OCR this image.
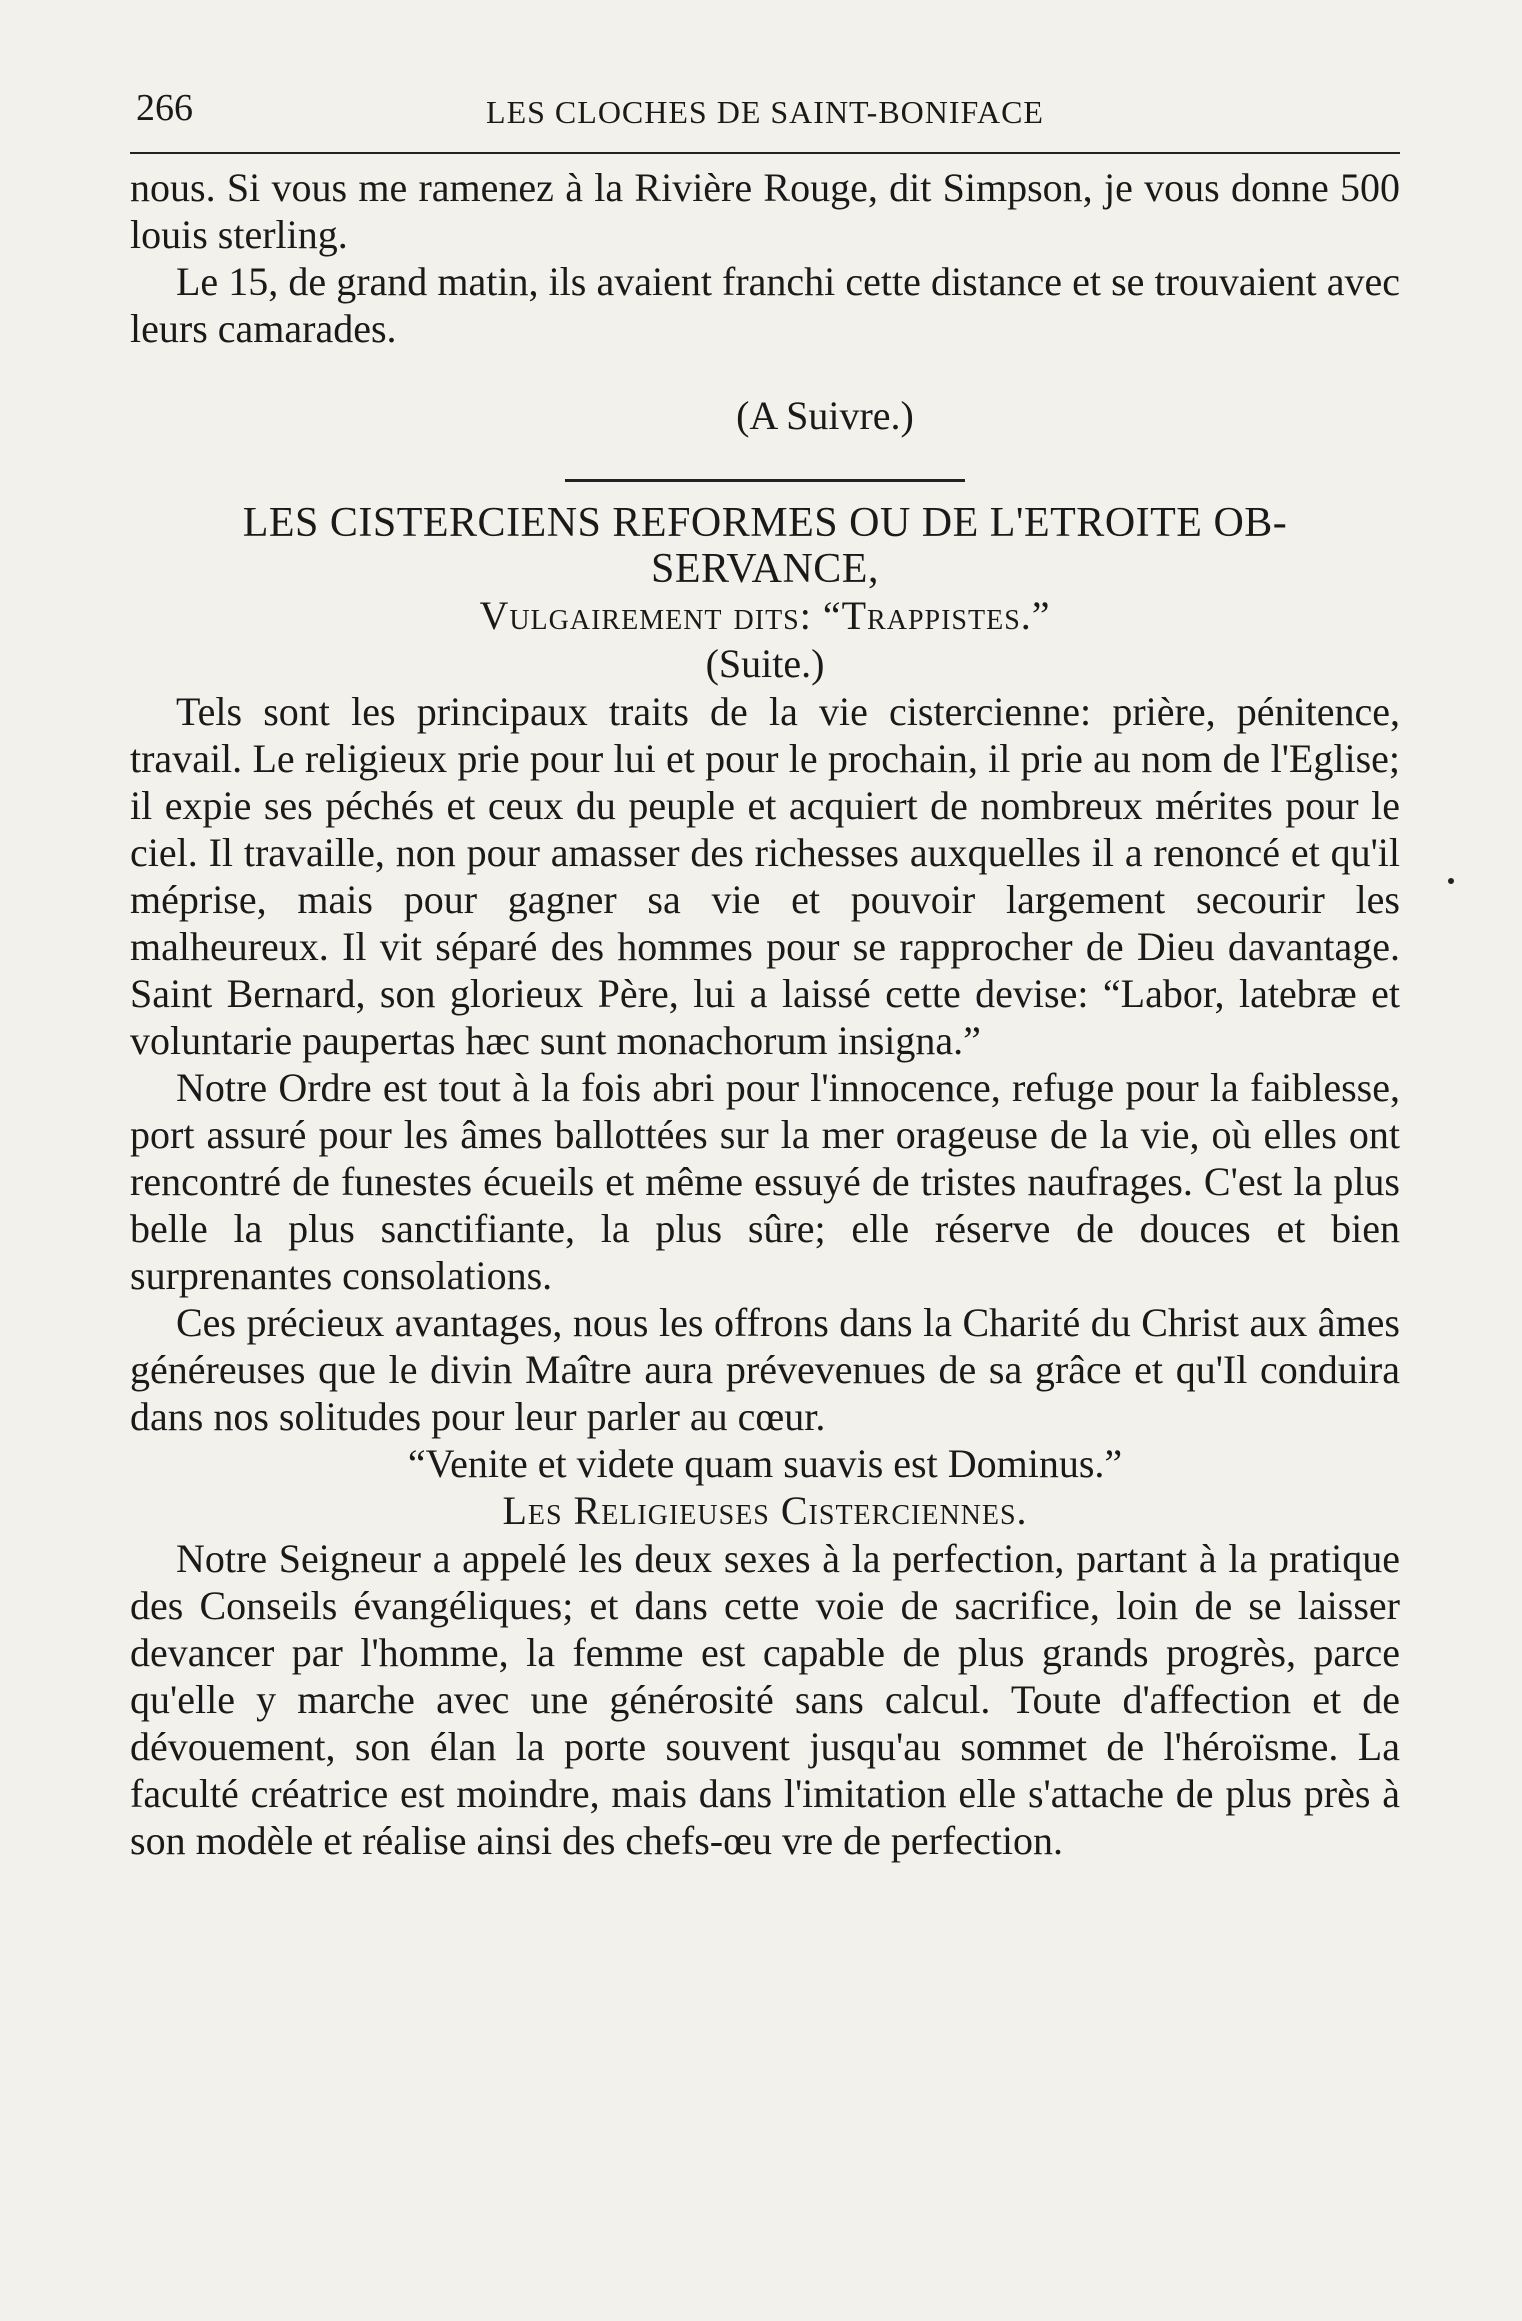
266	LES CLOCHES DE SAINT-BONIFACE

nous. Si vous me ramenez à la Rivière Rouge, dit Simpson, je vous donne 500 louis sterling.

Le 15, de grand matin, ils avaient franchi cette distance et se trouvaient avec leurs camarades.

(A Suivre.)

LES CISTERCIENS REFORMES OU DE L'ETROITE OB-

SERVANCE,

Vulgairement dits: “Trappistes.”

(Suite.)

Tels sont les principaux traits de la vie cistercienne: prière, pénitence, travail. Le religieux prie pour lui et pour le prochain, il prie au nom de l'Eglise; il expie ses péchés et ceux du peuple et acquiert de nombreux mérites pour le ciel. Il travaille, non pour amasser des richesses auxquelles il a renoncé et qu'il méprise, mais pour gagner sa vie et pouvoir largement secourir les malheureux. Il vit séparé des hommes pour se rapprocher de Dieu davantage. Saint Bernard, son glorieux Père, lui a laissé cette devise: “Labor, latebræ et voluntarie paupertas hæc sunt monachorum insigna.”

Notre Ordre est tout à la fois abri pour l'innocence, refuge pour la faiblesse, port assuré pour les âmes ballottées sur la mer orageuse de la vie, où elles ont rencontré de funestes écueils et même essuyé de tristes naufrages. C'est la plus belle la plus sanctifiante, la plus sûre; elle réserve de douces et bien surprenantes consolations.

Ces précieux avantages, nous les offrons dans la Charité du Christ aux âmes généreuses que le divin Maître aura prévevenues de sa grâce et qu'Il conduira dans nos solitudes pour leur parler au cœur.

“Venite et videte quam suavis est Dominus.”

Les Religieuses Cisterciennes.

Notre Seigneur a appelé les deux sexes à la perfection, partant à la pratique des Conseils évangéliques; et dans cette voie de sacrifice, loin de se laisser devancer par l'homme, la femme est capable de plus grands progrès, parce qu'elle y marche avec une générosité sans calcul. Toute d'affection et de dévouement, son élan la porte souvent jusqu'au sommet de l'héroïsme. La faculté créatrice est moindre, mais dans l'imitation elle s'attache de plus près à son modèle et réalise ainsi des chefs-œu vre de perfection.
